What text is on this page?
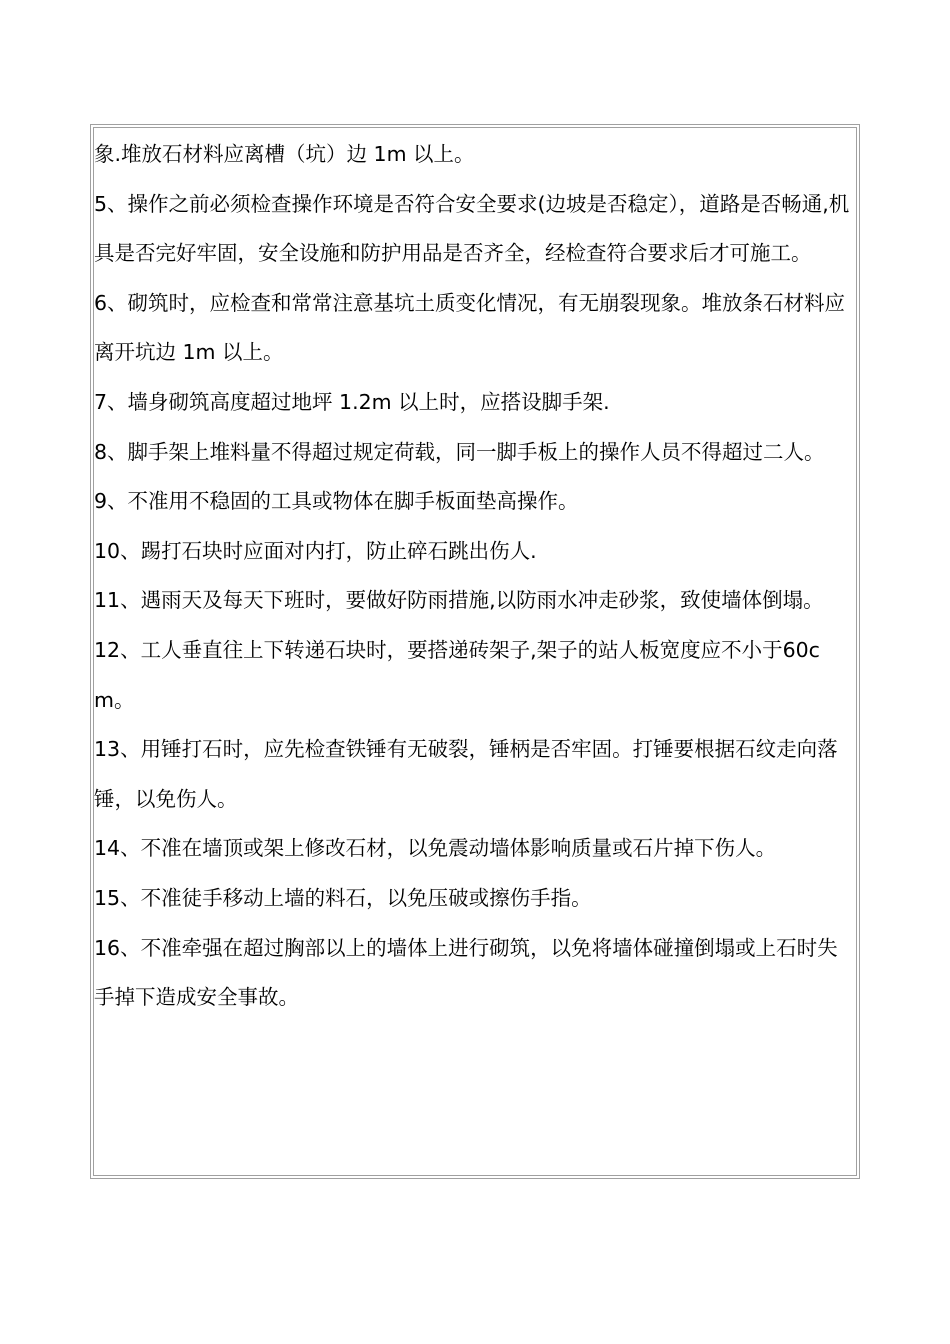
象.堆放石材料应离槽（坑）边 1m 以上。

5、操作之前必须检查操作环境是否符合安全要求(边坡是否稳定），道路是否畅通,机具是否完好牢固，安全设施和防护用品是否齐全，经检查符合要求后才可施工。

6、砌筑时，应检查和常常注意基坑土质变化情况，有无崩裂现象。堆放条石材料应离开坑边 1m 以上。

7、墙身砌筑高度超过地坪 1.2m 以上时，应搭设脚手架.

8、脚手架上堆料量不得超过规定荷载，同一脚手板上的操作人员不得超过二人。

9、不准用不稳固的工具或物体在脚手板面垫高操作。

10、踢打石块时应面对内打，防止碎石跳出伤人.

11、遇雨天及每天下班时，要做好防雨措施,以防雨水冲走砂浆，致使墙体倒塌。

12、工人垂直往上下转递石块时，要搭递砖架子,架子的站人板宽度应不小于60cm。

13、用锤打石时，应先检查铁锤有无破裂，锤柄是否牢固。打锤要根据石纹走向落锤，以免伤人。

14、不准在墙顶或架上修改石材，以免震动墙体影响质量或石片掉下伤人。

15、不准徒手移动上墙的料石，以免压破或擦伤手指。

16、不准牵强在超过胸部以上的墙体上进行砌筑，以免将墙体碰撞倒塌或上石时失手掉下造成安全事故。
